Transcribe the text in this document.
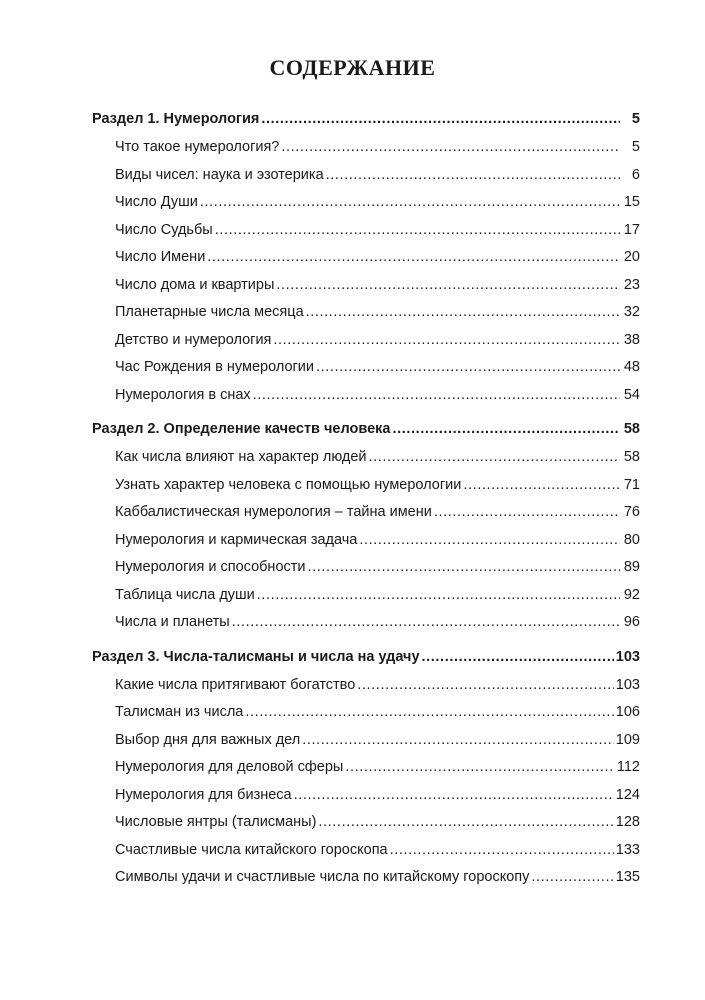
СОДЕРЖАНИЕ
Раздел 1. Нумерология .....	5
Что такое нумерология? .....	5
Виды чисел: наука и эзотерика .....	6
Число Души .....	15
Число Судьбы .....	17
Число Имени .....	20
Число дома и квартиры .....	23
Планетарные числа месяца .....	32
Детство и нумерология .....	38
Час Рождения в нумерологии .....	48
Нумерология в снах .....	54
Раздел 2. Определение качеств человека .....	58
Как числа влияют на характер людей .....	58
Узнать характер человека с помощью нумерологии .....	71
Каббалистическая нумерология – тайна имени .....	76
Нумерология и кармическая задача .....	80
Нумерология и способности .....	89
Таблица числа души .....	92
Числа и планеты .....	96
Раздел 3. Числа-талисманы и числа на удачу .....	103
Какие числа притягивают богатство .....	103
Талисман из числа .....	106
Выбор дня для важных дел .....	109
Нумерология для деловой сферы .....	112
Нумерология для бизнеса .....	124
Числовые янтры (талисманы) .....	128
Счастливые числа китайского гороскопа .....	133
Символы удачи и счастливые числа по китайскому гороскопу .....	135
